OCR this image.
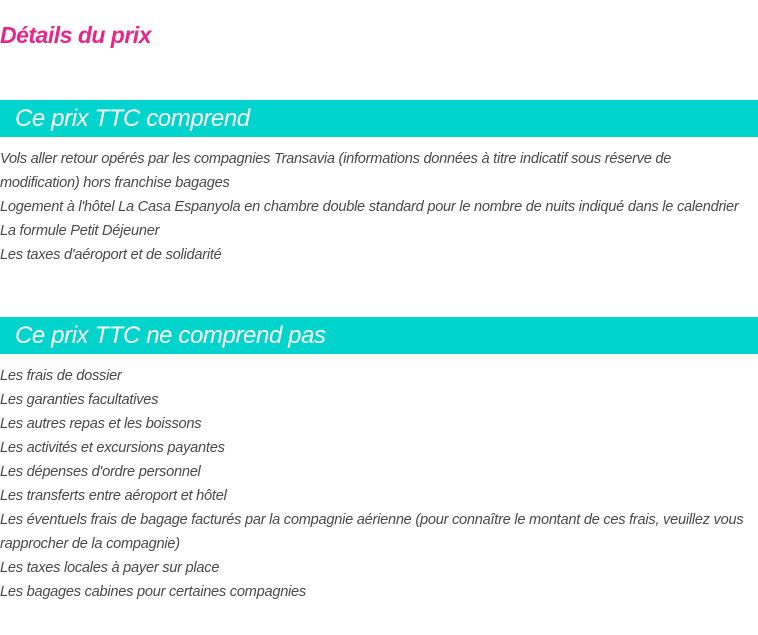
Détails du prix
Ce prix TTC comprend
Vols aller retour opérés par les compagnies Transavia (informations données à titre indicatif sous réserve de modification) hors franchise bagages
Logement à l'hôtel La Casa Espanyola en chambre double standard pour le nombre de nuits indiqué dans le calendrier
La formule Petit Déjeuner
Les taxes d'aéroport et de solidarité
Ce prix TTC ne comprend pas
Les frais de dossier
Les garanties facultatives
Les autres repas et les boissons
Les activités et excursions payantes
Les dépenses d'ordre personnel
Les transferts entre aéroport et hôtel
Les éventuels frais de bagage facturés par la compagnie aérienne (pour connaître le montant de ces frais, veuillez vous rapprocher de la compagnie)
Les taxes locales à payer sur place
Les bagages cabines pour certaines compagnies
